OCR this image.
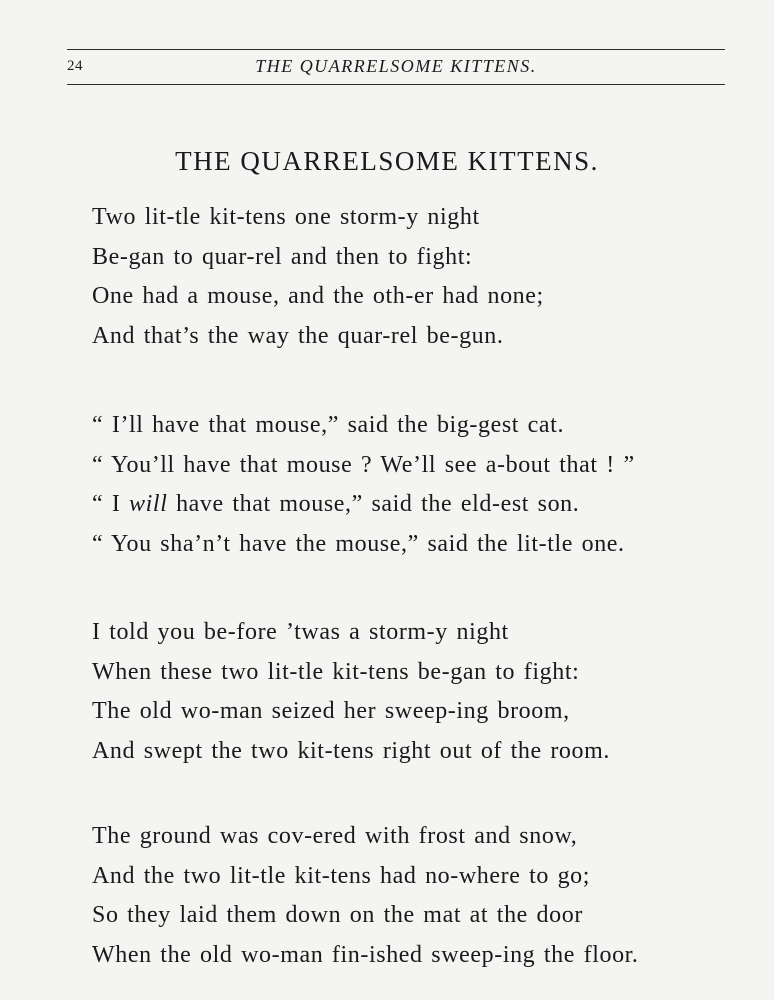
24	THE QUARRELSOME KITTENS.
THE QUARRELSOME KITTENS.
Two lit-tle kit-tens one storm-y night
Be-gan to quar-rel and then to fight:
One had a mouse, and the oth-er had none;
And that’s the way the quar-rel be-gun.
“ I’ll have that mouse,” said the big-gest cat.
“ You’ll have that mouse ? We’ll see a-bout that ! ”
“ I will have that mouse,” said the eld-est son.
“ You sha’n’t have the mouse,” said the lit-tle one.
I told you be-fore ’twas a storm-y night
When these two lit-tle kit-tens be-gan to fight:
The old wo-man seized her sweep-ing broom,
And swept the two kit-tens right out of the room.
The ground was cov-ered with frost and snow,
And the two lit-tle kit-tens had no-where to go;
So they laid them down on the mat at the door
When the old wo-man fin-ished sweep-ing the floor.
